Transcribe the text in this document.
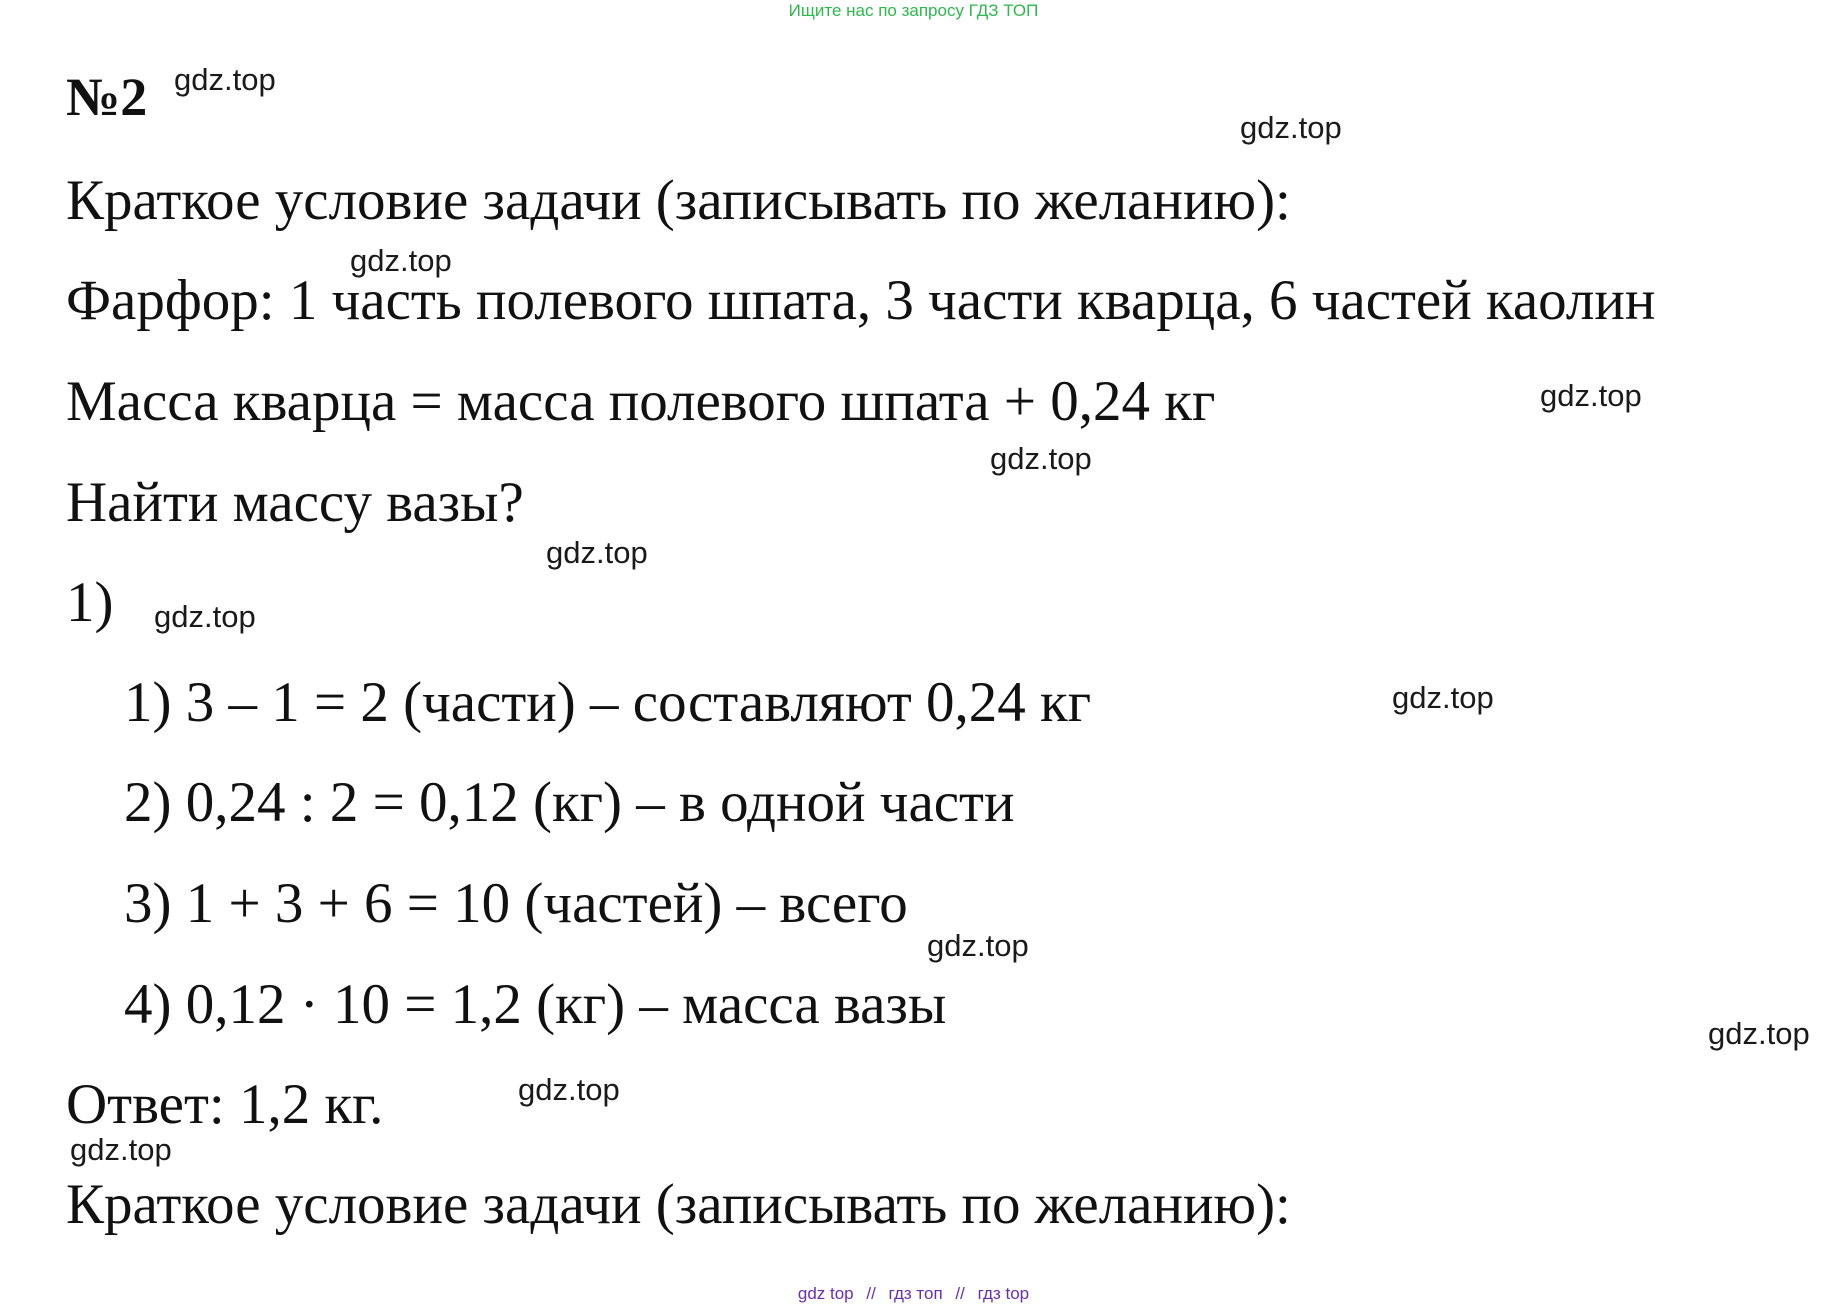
Ищите нас по запросу ГДЗ ТОП
№2
Краткое условие задачи (записывать по желанию):
Фарфор: 1 часть полевого шпата, 3 части кварца, 6 частей каолин
Масса кварца = масса полевого шпата + 0,24 кг
Найти массу вазы?
1)
1) 3 – 1 = 2 (части) – составляют 0,24 кг
2) 0,24 : 2 = 0,12 (кг) – в одной части
3) 1 + 3 + 6 = 10 (частей) – всего
4) 0,12 · 10 = 1,2 (кг) – масса вазы
Ответ: 1,2 кг.
Краткое условие задачи (записывать по желанию):
gdz.top
gdz.top
gdz.top
gdz.top
gdz.top
gdz.top
gdz.top
gdz.top
gdz.top
gdz.top
gdz.top
gdz.top
gdz top // гдз топ // гдз top
